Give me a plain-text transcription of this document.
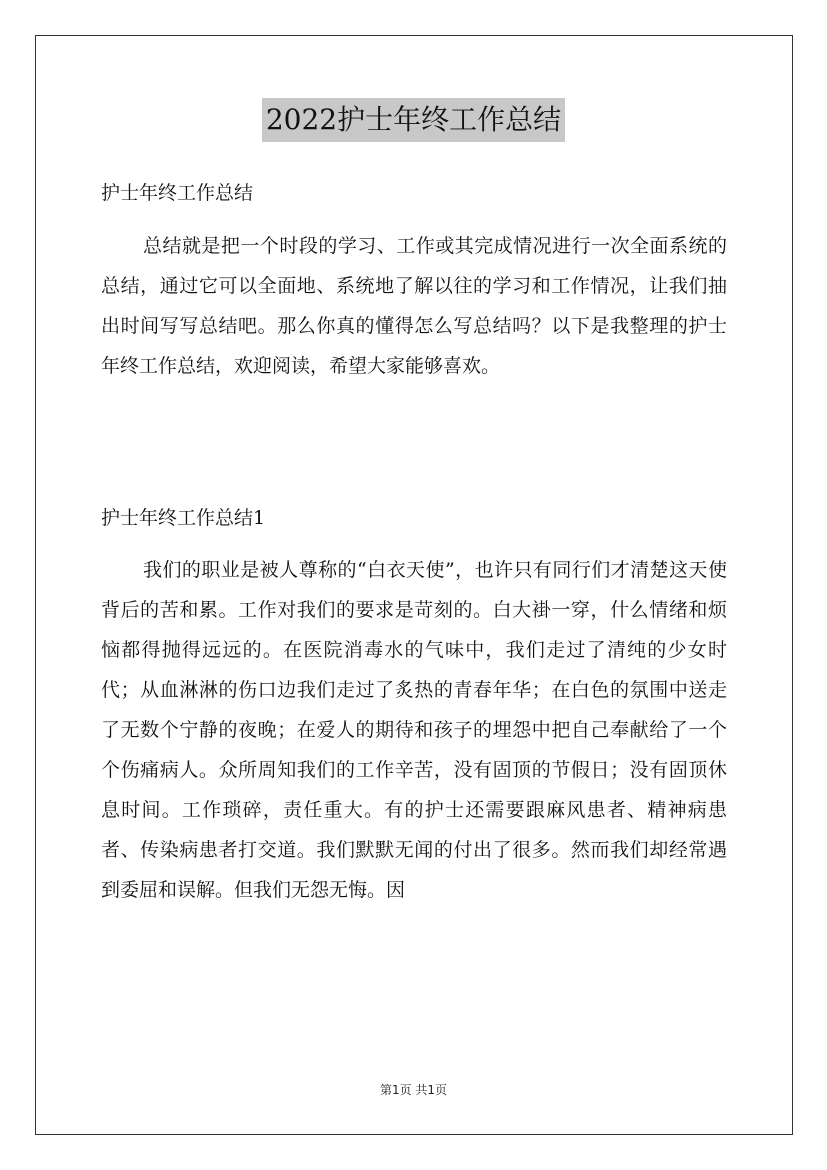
2022护士年终工作总结
护士年终工作总结

总结就是把一个时段的学习、工作或其完成情况进行一次全面系统的总结，通过它可以全面地、系统地了解以往的学习和工作情况，让我们抽出时间写写总结吧。那么你真的懂得怎么写总结吗？以下是我整理的护士年终工作总结，欢迎阅读，希望大家能够喜欢。

护士年终工作总结1

我们的职业是被人尊称的“白衣天使”，也许只有同行们才清楚这天使背后的苦和累。工作对我们的要求是苛刻的。白大褂一穿，什么情绪和烦恼都得抛得远远的。在医院消毒水的气味中，我们走过了清纯的少女时代；从血淋淋的伤口边我们走过了炙热的青春年华；在白色的氛围中送走了无数个宁静的夜晚；在爱人的期待和孩子的埋怨中把自己奉献给了一个个伤痛病人。众所周知我们的工作辛苦，没有固顶的节假日；没有固顶休息时间。工作琐碎，责任重大。有的护士还需要跟麻风患者、精神病患者、传染病患者打交道。我们默默无闻的付出了很多。然而我们却经常遇到委屈和误解。但我们无怨无悔。因

第1页 共1页
